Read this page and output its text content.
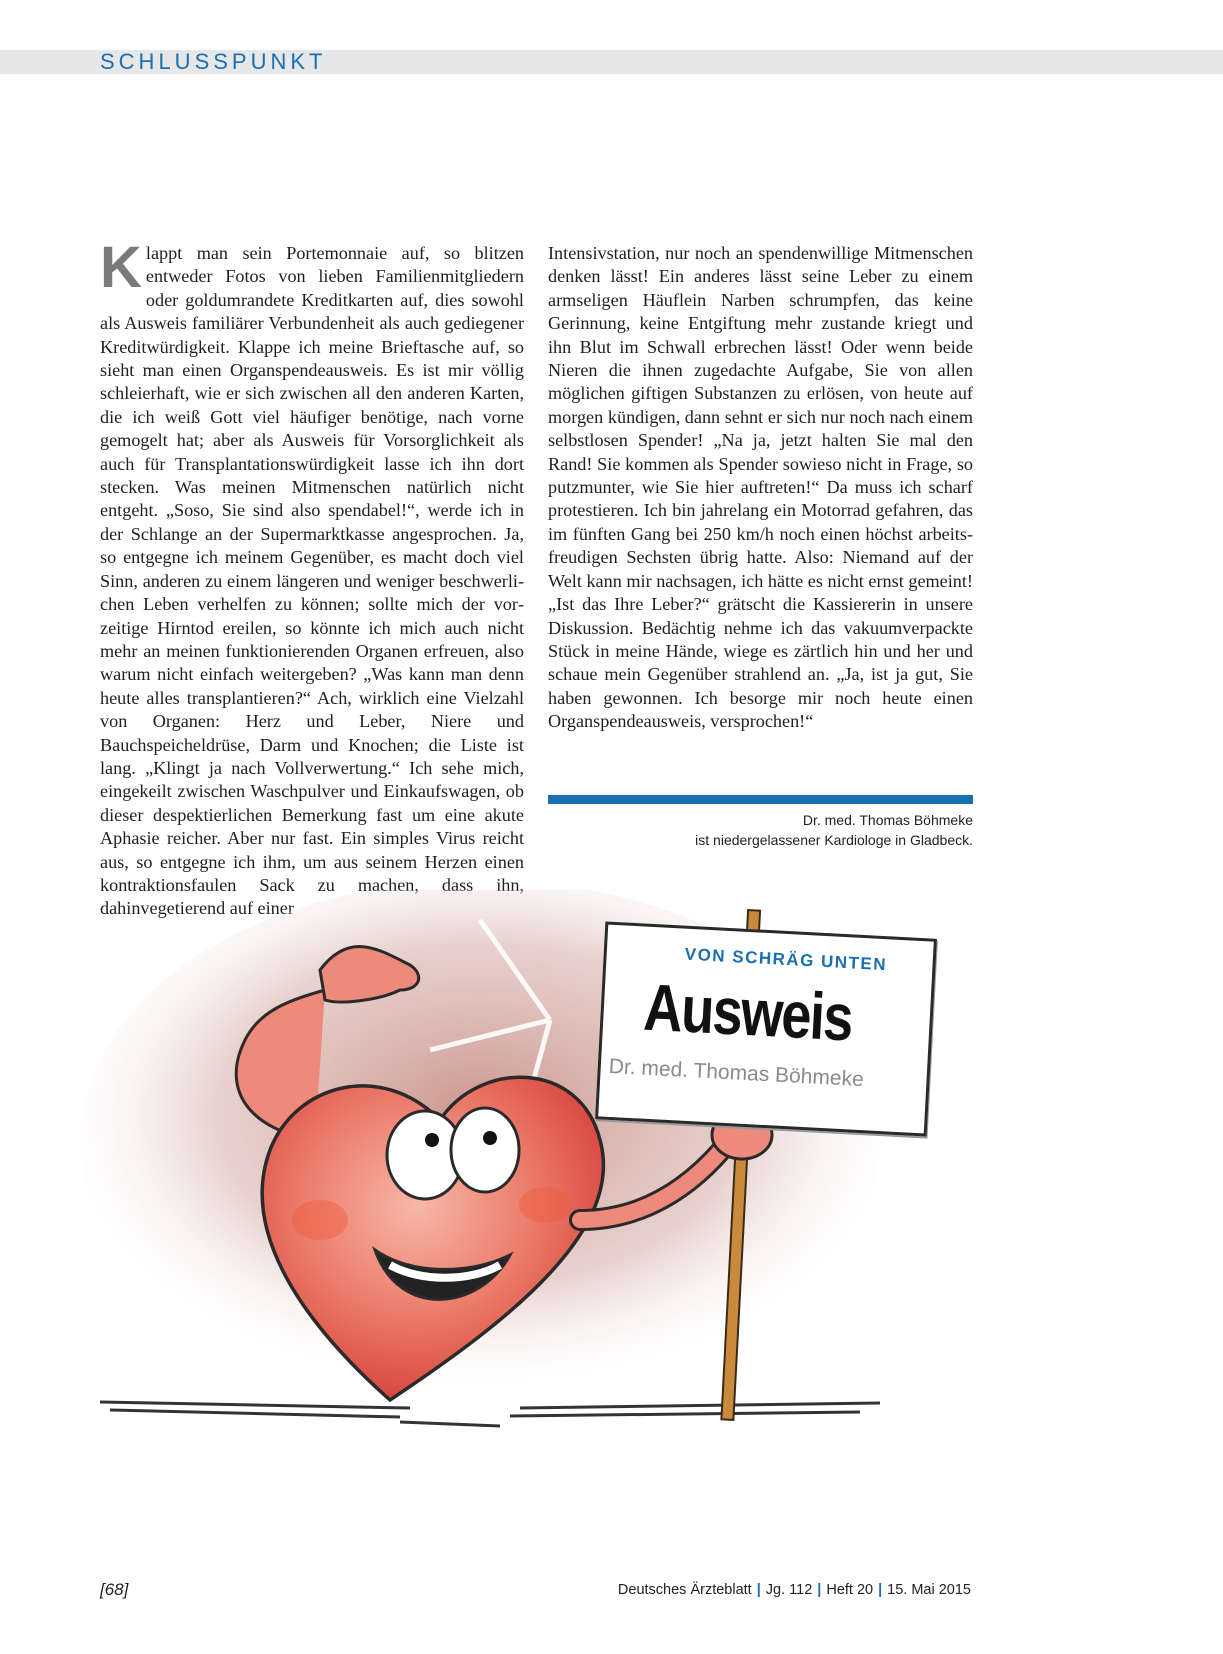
SCHLUSSPUNKT
Klappt man sein Portemonnaie auf, so blitzen entweder Fotos von lieben Familienmitgliedern oder goldumrandete Kreditkarten auf, dies sowohl als Ausweis familiärer Verbundenheit als auch gediegener Kreditwürdigkeit. Klappe ich meine Brieftasche auf, so sieht man einen Organspendeausweis. Es ist mir völlig schleierhaft, wie er sich zwischen all den anderen Karten, die ich weiß Gott viel häufiger benötige, nach vorne gemogelt hat; aber als Ausweis für Vorsorglichkeit als auch für Transplantationswürdigkeit lasse ich ihn dort stecken. Was meinen Mitmenschen natürlich nicht entgeht. „Soso, Sie sind also spendabel!“, werde ich in der Schlange an der Supermarktkasse angesprochen. Ja, so entgegne ich meinem Gegenüber, es macht doch viel Sinn, anderen zu einem längeren und weniger beschwerlichen Leben verhelfen zu können; sollte mich der vorzeitige Hirntod ereilen, so könnte ich mich auch nicht mehr an meinen funktionierenden Organen erfreuen, also warum nicht einfach weitergeben? „Was kann man denn heute alles transplantieren?“ Ach, wirklich eine Vielzahl von Organen: Herz und Leber, Niere und Bauchspeicheldrüse, Darm und Knochen; die Liste ist lang. „Klingt ja nach Vollverwertung.“ Ich sehe mich, eingekeilt zwischen Waschpulver und Einkaufswagen, ob dieser despektierlichen Bemerkung fast um eine akute Aphasie reicher. Aber nur fast. Ein simples Virus reicht aus, so entgegne ich ihm, um aus seinem Herzen einen kontraktionsfaulen Sack zu machen, dass ihn, dahinvegetierend auf einer
Intensivstation, nur noch an spendenwillige Mitmenschen denken lässt! Ein anderes lässt seine Leber zu einem armseligen Häuflein Narben schrumpfen, das keine Gerinnung, keine Entgiftung mehr zustande kriegt und ihn Blut im Schwall erbrechen lässt! Oder wenn beide Nieren die ihnen zugedachte Aufgabe, Sie von allen möglichen giftigen Substanzen zu erlösen, von heute auf morgen kündigen, dann sehnt er sich nur noch nach einem selbstlosen Spender! „Na ja, jetzt halten Sie mal den Rand! Sie kommen als Spender sowieso nicht in Frage, so putzmunter, wie Sie hier auftreten!“ Da muss ich scharf protestieren. Ich bin jahrelang ein Motorrad gefahren, das im fünften Gang bei 250 km/h noch einen höchst arbeitsfreudigen Sechsten übrig hatte. Also: Niemand auf der Welt kann mir nachsagen, ich hätte es nicht ernst gemeint! „Ist das Ihre Leber?“ grätscht die Kassiererin in unsere Diskussion. Bedächtig nehme ich das vakuumverpackte Stück in meine Hände, wiege es zärtlich hin und her und schaue mein Gegenüber strahlend an. „Ja, ist ja gut, Sie haben gewonnen. Ich besorge mir noch heute einen Organspendeausweis, versprochen!“
Dr. med. Thomas Böhmeke
ist niedergelassener Kardiologe in Gladbeck.
VON SCHRÄG UNTEN
Ausweis
Dr. med. Thomas Böhmeke
[68]	Deutsches Ärzteblatt | Jg. 112 | Heft 20 | 15. Mai 2015
